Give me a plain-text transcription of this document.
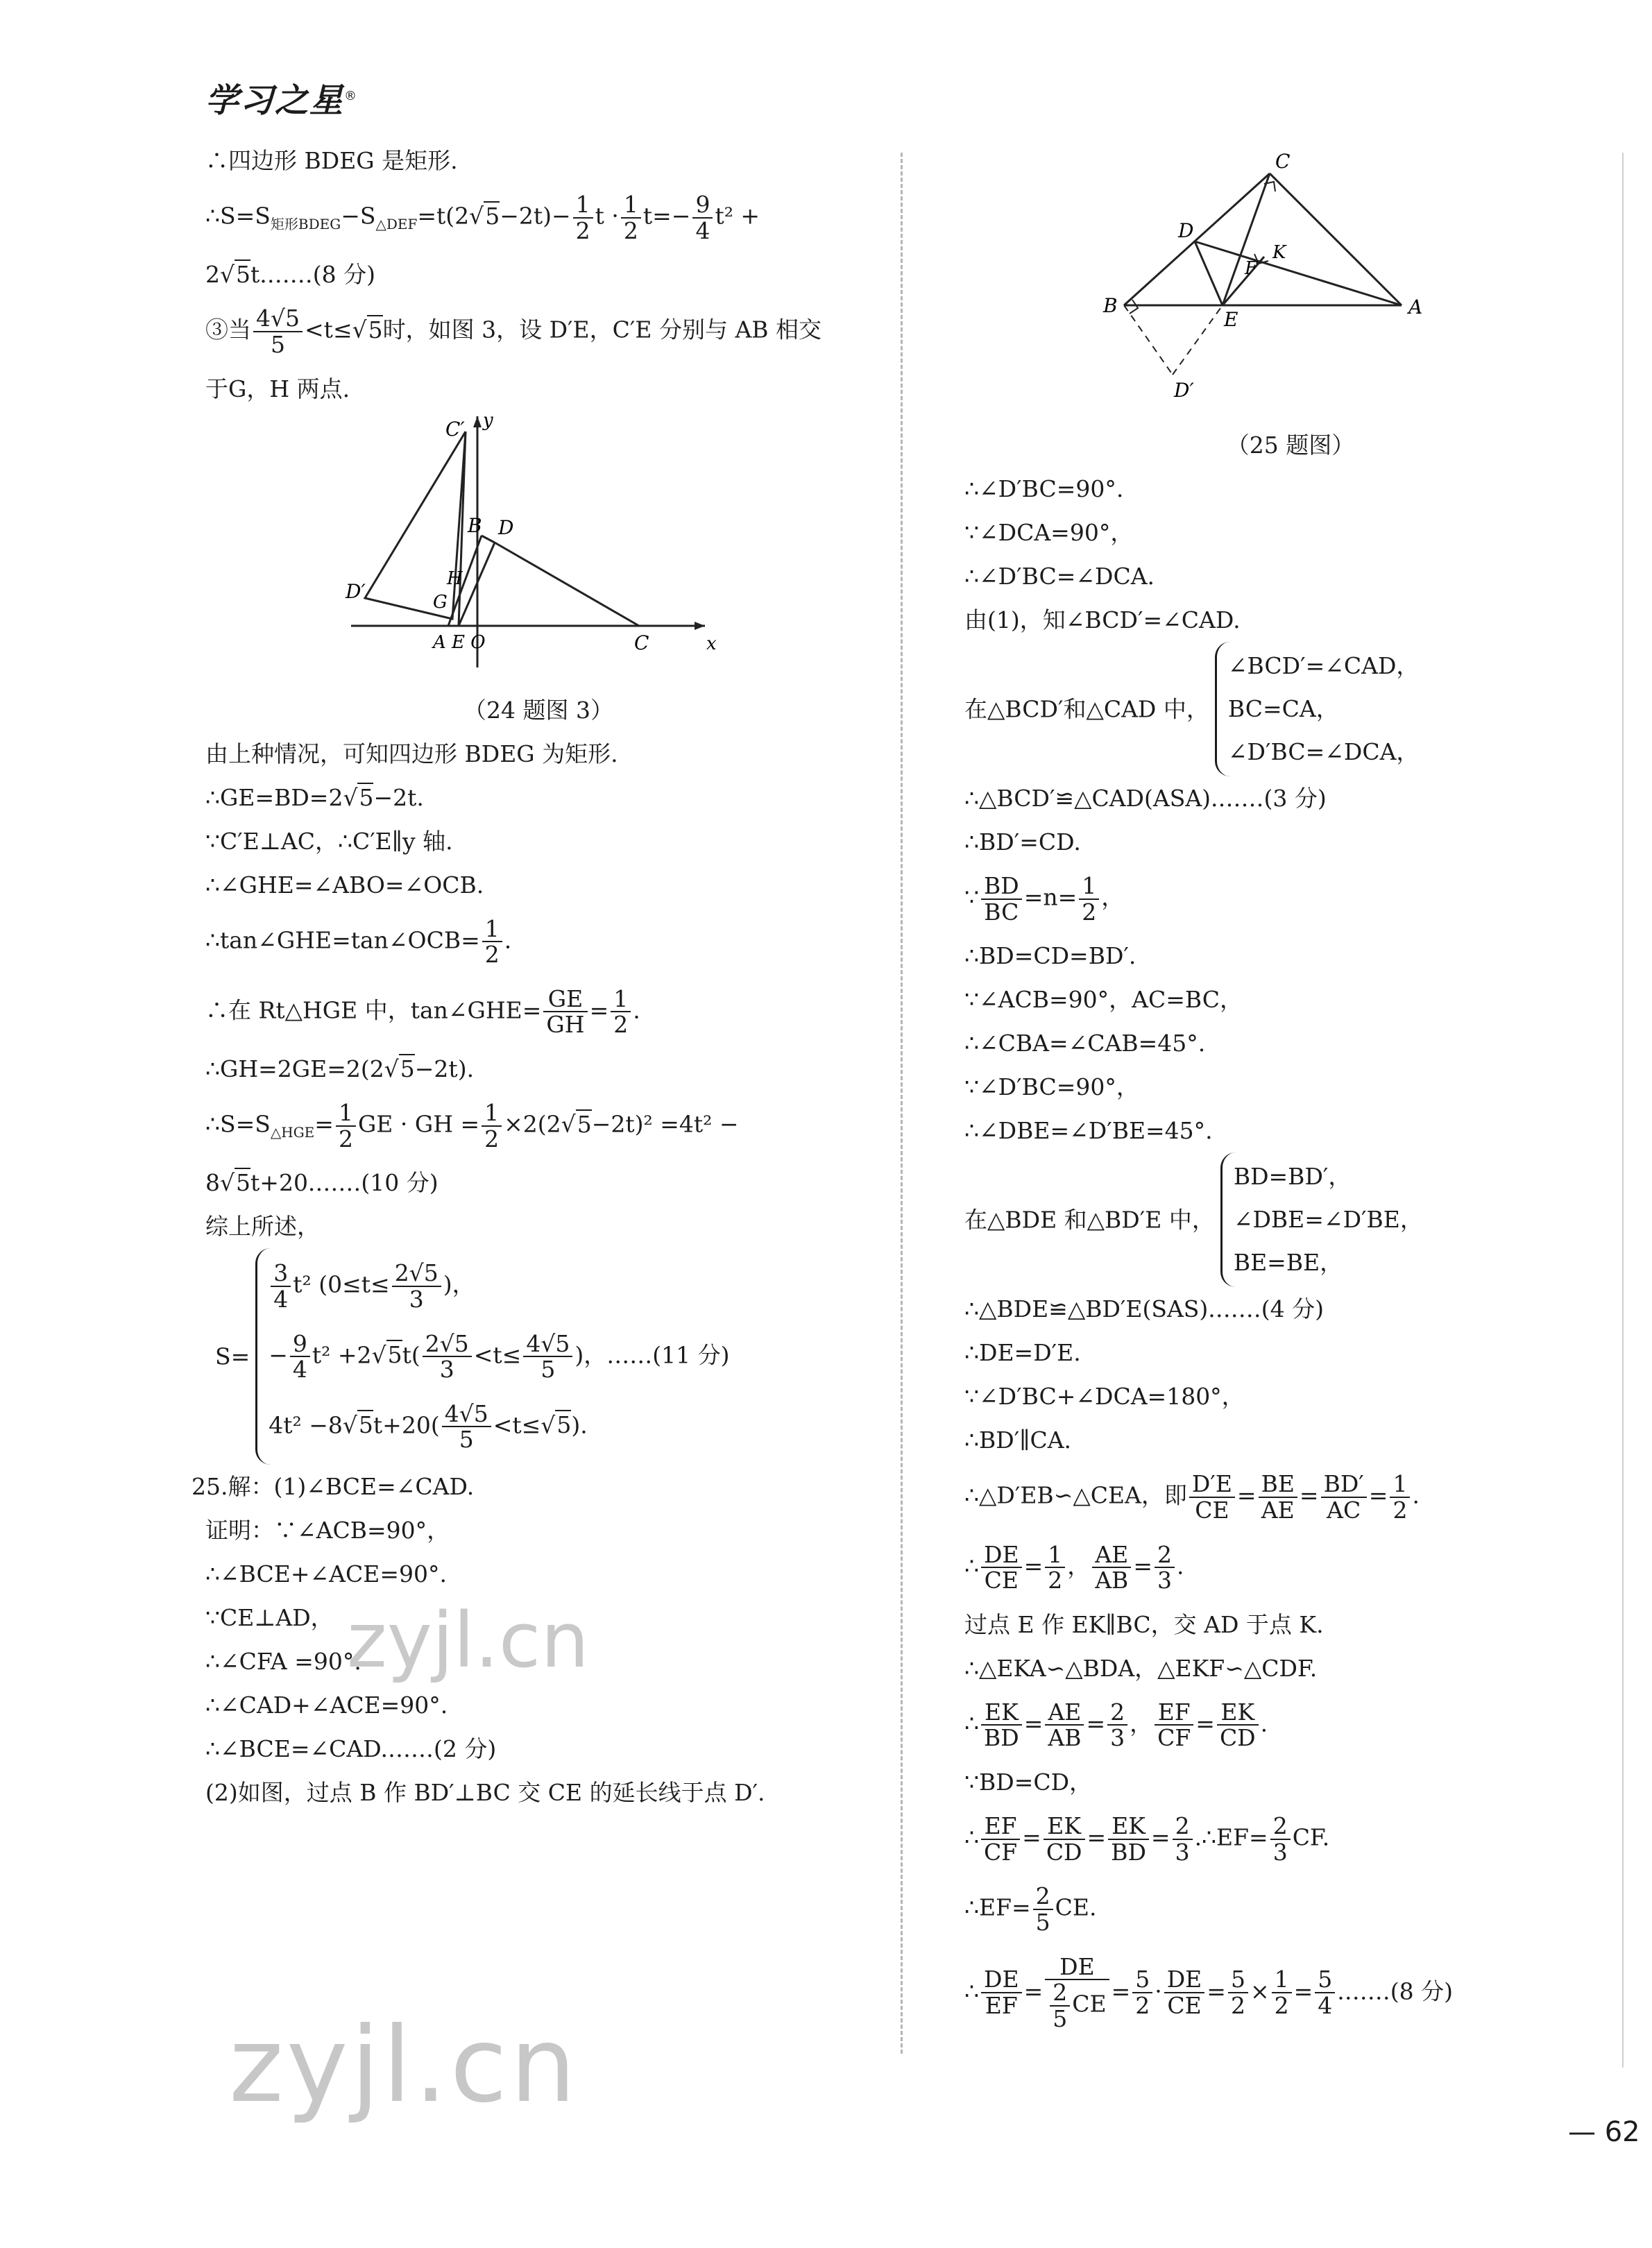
学习之星®
∴四边形 BDEG 是矩形.
$\therefore S=S_{矩形BDEG}-S_{\triangle DEF}=t(2√5-2t)- \frac{1}{2}$ $t \cdot \frac{1}{2} t=- \frac{9}{4} t^2$ +
2√5t.……(8 分)
③当 $\frac{4√5}{5} <t\le√5$时，如图 3，设 D′E，C′E 分别与 AB 相交
于G，H 两点.
C′ y
B D
D′
H
G
A E O	C	x
（24 题图 3）
由上种情况，可知四边形 BDEG 为矩形.
∴GE=BD=2√5−2t.
∵C′E⊥AC，∴C′E∥y 轴.
∴∠GHE=∠ABO=∠OCB.
∴tan∠GHE=tan∠OCB= $\frac{1}{2}$ .
∴在 Rt△HGE 中，tan∠GHE= $\frac{GE}{GH} = \frac{1}{2}$ .
∴GH=2GE=2(2√5−2t).
$\therefore S=S_{\triangle HGE}= \frac{1}{2}$ GE · GH = $\frac{1}{2} \times 2(2√5-2t)^2 =4t^2$ −
8√5t+20.……(10 分)
综上所述，
S=
$\frac{3}{4} t^2$ ($0\le t\le \frac{2√5}{3}$ )，
− $\frac{9}{4} t^2 +2√5t( \frac{2√5}{3} <t\le \frac{4√5}{5}$ )，……(11 分)
$4t^2 -8√5t+20( \frac{4√5}{5} <t\le√5)$.
25.解：(1)∠BCE=∠CAD.
证明：∵∠ACB=90°，
∴∠BCE+∠ACE=90°.
∵CE⊥AD，
∴∠CFA =90°.
∴∠CAD+∠ACE=90°.
∴∠BCE=∠CAD.……(2 分)
(2)如图，过点 B 作 BD′⊥BC 交 CE 的延长线于点 D′.
C
D
K
F
B
E
A
D′
（25 题图）
∴∠D′BC=90°.
∵∠DCA=90°，
∴∠D′BC=∠DCA.
由(1)，知∠BCD′=∠CAD.
在△BCD′和△CAD 中，
∠BCD′=∠CAD，
BC=CA，
∠D′BC=∠DCA，
∴△BCD′≌△CAD(ASA).……(3 分)
∴BD′=CD.
∵ $\frac{BD}{BC} =n= \frac{1}{2}$ ，
∴BD=CD=BD′.
∵∠ACB=90°，AC=BC，
∴∠CBA=∠CAB=45°.
∵∠D′BC=90°，
∴∠DBE=∠D′BE=45°.
在△BDE 和△BD′E 中，
BD=BD′，
∠DBE=∠D′BE，
BE=BE，
∴△BDE≌△BD′E(SAS).……(4 分)
∴DE=D′E.
∵∠D′BC+∠DCA=180°，
∴BD′∥CA.
∴△D′EB∽△CEA，即 $\frac{D'E}{CE} = \frac{BE}{AE} = \frac{BD'}{AC} = \frac{1}{2}$ .
∴ $\frac{DE}{CE} = \frac{1}{2}$ ， $\frac{AE}{AB} = \frac{2}{3}$ .
过点 E 作 EK∥BC，交 AD 于点 K.
∴△EKA∽△BDA，△EKF∽△CDF.
∴ $\frac{EK}{BD} = \frac{AE}{AB} = \frac{2}{3}$ ， $\frac{EF}{CF} = \frac{EK}{CD}$ .
∵BD=CD，
∴ $\frac{EF}{CF} = \frac{EK}{CD} = \frac{EK}{BD} = \frac{2}{3}$ .∴EF= $\frac{2}{3}$ CF.
∴EF= $\frac{2}{5}$ CE.
∴ $\frac{DE}{EF} = \frac{DE}{\frac{2}{5} CE} = \frac{5}{2} \cdot \frac{DE}{CE} = \frac{5}{2} \times \frac{1}{2} = \frac{5}{4}$ .……(8 分)
zyjl.cn
zyjl.cn
— 62
